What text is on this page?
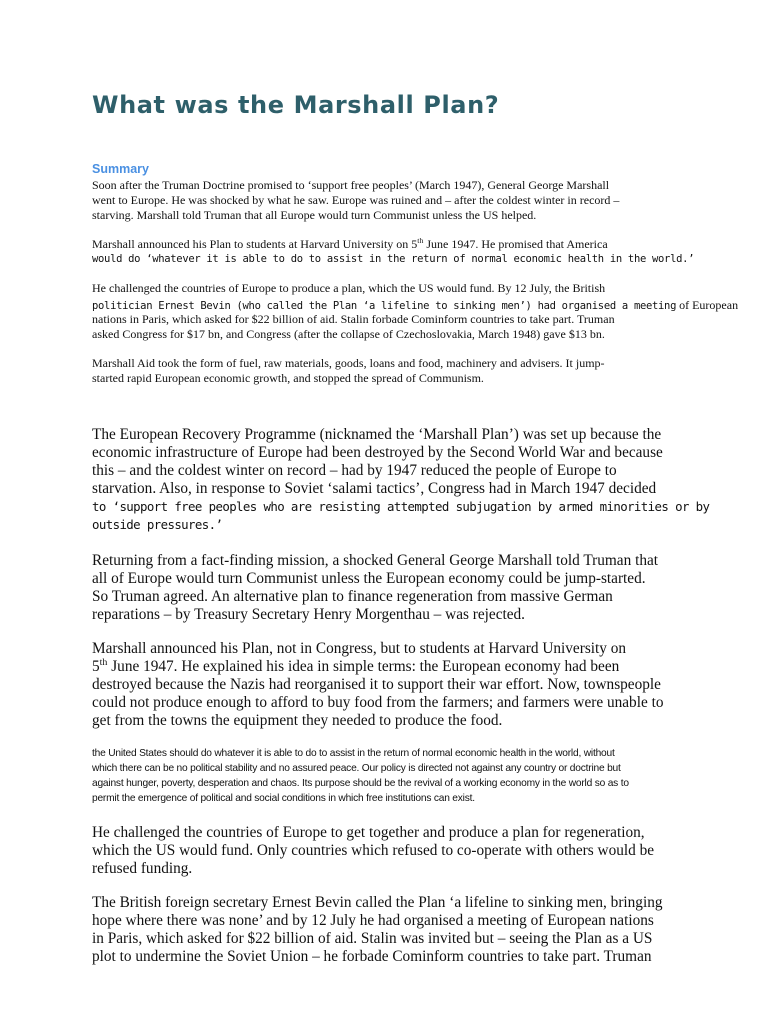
What was the Marshall Plan?
Summary
Soon after the Truman Doctrine promised to ‘support free peoples’ (March 1947), General George Marshall
went to Europe. He was shocked by what he saw. Europe was ruined and – after the coldest winter in record –
starving. Marshall told Truman that all Europe would turn Communist unless the US helped.
Marshall announced his Plan to students at Harvard University on 5th June 1947. He promised that America
would do ‘whatever it is able to do to assist in the return of normal economic health in the world.’
He challenged the countries of Europe to produce a plan, which the US would fund. By 12 July, the British
politician Ernest Bevin (who called the Plan ‘a lifeline to sinking men’) had organised a meeting of European
nations in Paris, which asked for $22 billion of aid. Stalin forbade Cominform countries to take part. Truman
asked Congress for $17 bn, and Congress (after the collapse of Czechoslovakia, March 1948) gave $13 bn.
Marshall Aid took the form of fuel, raw materials, goods, loans and food, machinery and advisers. It jump-
started rapid European economic growth, and stopped the spread of Communism.
The European Recovery Programme (nicknamed the ‘Marshall Plan’) was set up because the
economic infrastructure of Europe had been destroyed by the Second World War and because
this – and the coldest winter on record – had by 1947 reduced the people of Europe to
starvation. Also, in response to Soviet ‘salami tactics’, Congress had in March 1947 decided
to ‘support free peoples who are resisting attempted subjugation by armed minorities or by
outside pressures.’
Returning from a fact-finding mission, a shocked General George Marshall told Truman that
all of Europe would turn Communist unless the European economy could be jump-started.
So Truman agreed. An alternative plan to finance regeneration from massive German
reparations – by Treasury Secretary Henry Morgenthau – was rejected.
Marshall announced his Plan, not in Congress, but to students at Harvard University on
5th June 1947. He explained his idea in simple terms: the European economy had been
destroyed because the Nazis had reorganised it to support their war effort. Now, townspeople
could not produce enough to afford to buy food from the farmers; and farmers were unable to
get from the towns the equipment they needed to produce the food.
the United States should do whatever it is able to do to assist in the return of normal economic health in the world, without
which there can be no political stability and no assured peace. Our policy is directed not against any country or doctrine but
against hunger, poverty, desperation and chaos. Its purpose should be the revival of a working economy in the world so as to
permit the emergence of political and social conditions in which free institutions can exist.
He challenged the countries of Europe to get together and produce a plan for regeneration,
which the US would fund. Only countries which refused to co-operate with others would be
refused funding.
The British foreign secretary Ernest Bevin called the Plan ‘a lifeline to sinking men, bringing
hope where there was none’ and by 12 July he had organised a meeting of European nations
in Paris, which asked for $22 billion of aid. Stalin was invited but – seeing the Plan as a US
plot to undermine the Soviet Union – he forbade Cominform countries to take part. Truman
